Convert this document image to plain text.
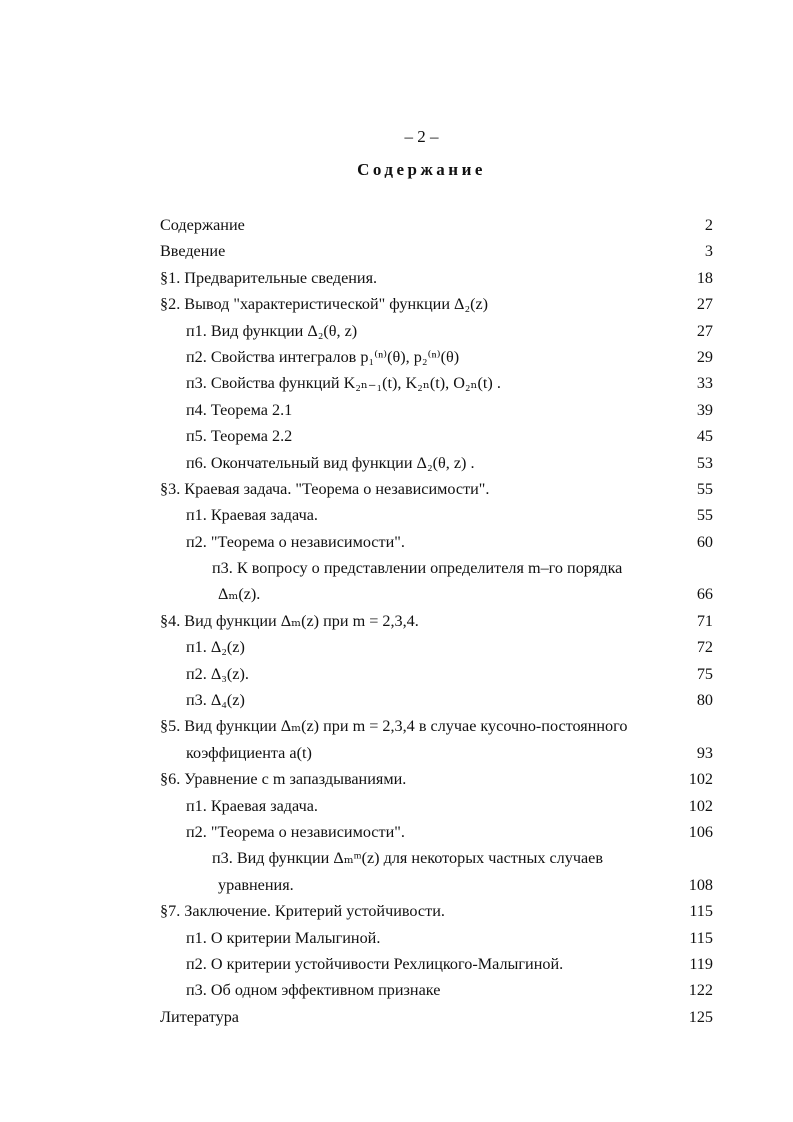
– 2 –
Содержание
Содержание	2
Введение	3
§1. Предварительные сведения.	18
§2. Вывод "характеристической" функции Δ₂(z)	27
п1. Вид функции Δ₂(θ, z)	27
п2. Свойства интегралов p₁⁽ⁿ⁾(θ), p₂⁽ⁿ⁾(θ)	29
п3. Свойства функций K₂ₙ₋₁(t), K₂ₙ(t), O₂ₙ(t) .	33
п4. Теорема 2.1	39
п5. Теорема 2.2	45
п6. Окончательный вид функции Δ₂(θ, z) .	53
§3. Краевая задача. "Теорема о независимости".	55
п1. Краевая задача.	55
п2. "Теорема о независимости".	60
п3. К вопросу о представлении определителя m–го порядка
Δₘ(z).	66
§4. Вид функции Δₘ(z) при m = 2,3,4.	71
п1. Δ₂(z)	72
п2. Δ₃(z).	75
п3. Δ₄(z)	80
§5. Вид функции Δₘ(z) при m = 2,3,4 в случае кусочно-постоянного
коэффициента a(t)	93
§6. Уравнение с m запаздываниями.	102
п1. Краевая задача.	102
п2. "Теорема о независимости".	106
п3. Вид функции Δₘᵐ(z) для некоторых частных случаев
уравнения.	108
§7. Заключение. Критерий устойчивости.	115
п1. О критерии Малыгиной.	115
п2. О критерии устойчивости Рехлицкого-Малыгиной.	119
п3. Об одном эффективном признаке	122
Литература	125
